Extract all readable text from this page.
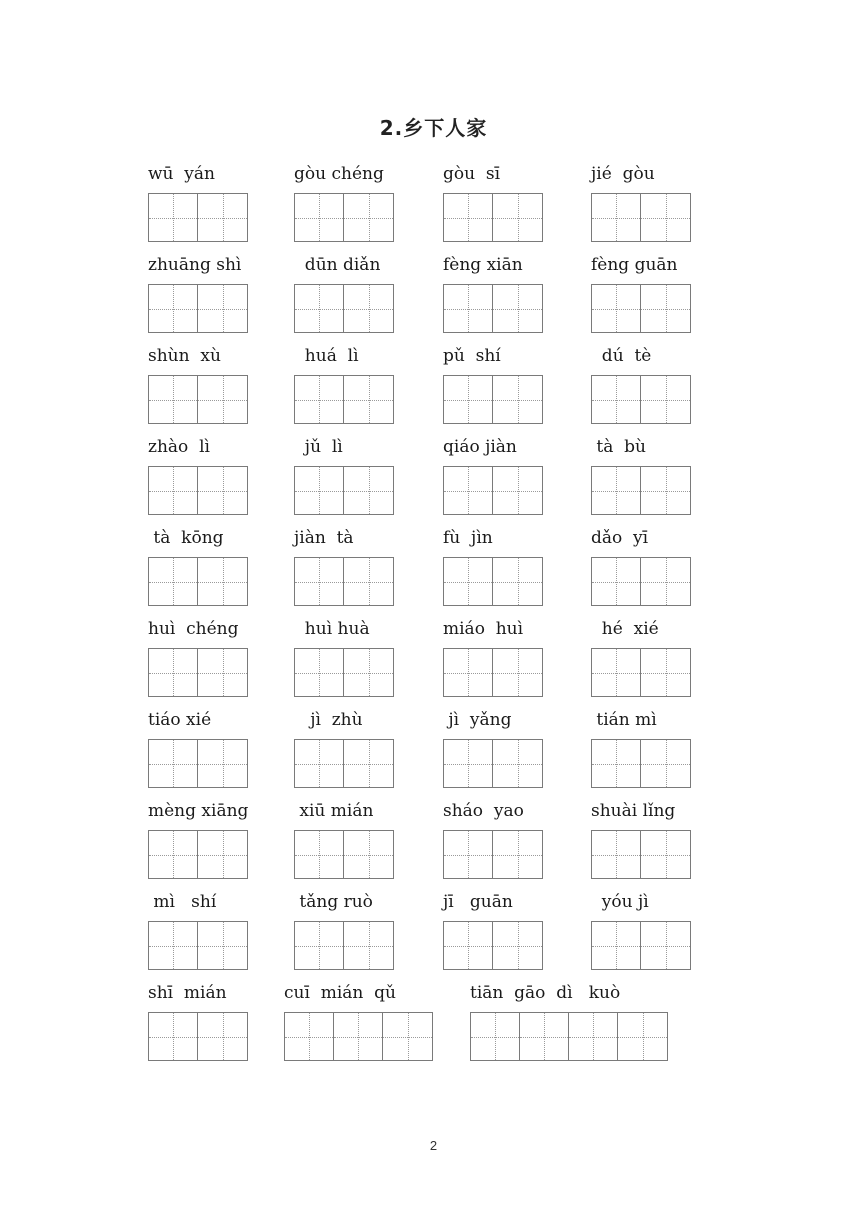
2.乡下人家
wū  yán	gòu chéng	gòu  sī	jié  gòu
zhuāng shì	dūn diǎn	fèng xiān	fèng guān
shùn  xù	huá  lì	pǔ  shí	dú  tè
zhào  lì	jǔ  lì	qiáo jiàn	tà  bù
tà  kōng	jiàn  tà	fù  jìn	dǎo  yī
huì  chéng	huì huà	miáo  huì	hé  xié
tiáo xié	jì  zhù	jì  yǎng	tián mì
mèng xiāng	xiū mián	sháo  yao	shuài lǐng
mì   shí	tǎng ruò	jī   guān	yóu jì
shī  mián	cuī  mián  qǔ	tiān  gāo  dì   kuò
2
